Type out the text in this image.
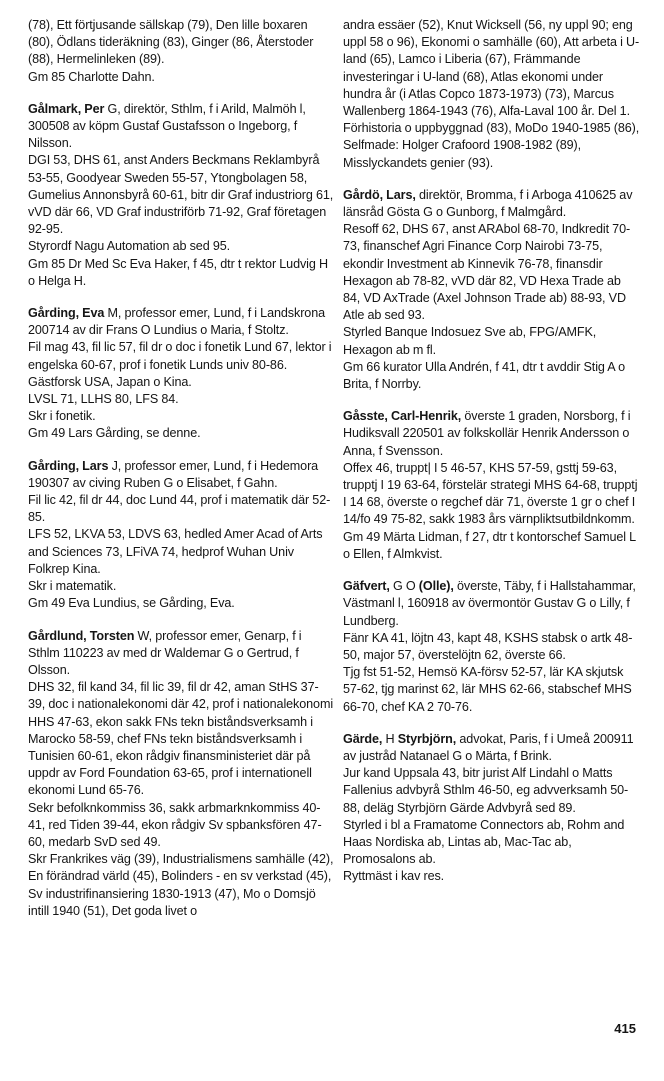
(78), Ett förtjusande sällskap (79), Den lille boxaren (80), Ödlans tideräkning (83), Ginger (86, Återstoder (88), Hermelinleken (89).

Gm 85 Charlotte Dahn.

Gålmark, Per G, direktör, Sthlm, f i Arild, Malmöh l, 300508 av köpm Gustaf Gustafsson o Ingeborg, f Nilsson.

DGI 53, DHS 61, anst Anders Beckmans Reklambyrå 53-55, Goodyear Sweden 55-57, Ytongbolagen 58, Gumelius Annonsbyrå 60-61, bitr dir Graf industriorg 61, vVD där 66, VD Graf industriförb 71-92, Graf företagen 92-95.

Styrordf Nagu Automation ab sed 95.

Gm 85 Dr Med Sc Eva Haker, f 45, dtr t rektor Ludvig H o Helga H.

Gårding, Eva M, professor emer, Lund, f i Landskrona 200714 av dir Frans O Lundius o Maria, f Stoltz.

Fil mag 43, fil lic 57, fil dr o doc i fonetik Lund 67, lektor i engelska 60-67, prof i fonetik Lunds univ 80-86.

Gästforsk USA, Japan o Kina.

LVSL 71, LLHS 80, LFS 84.

Skr i fonetik.

Gm 49 Lars Gårding, se denne.

Gårding, Lars J, professor emer, Lund, f i Hedemora 190307 av civing Ruben G o Elisabet, f Gahn.

Fil lic 42, fil dr 44, doc Lund 44, prof i matematik där 52-85.

LFS 52, LKVA 53, LDVS 63, hedled Amer Acad of Arts and Sciences 73, LFiVA 74, hedprof Wuhan Univ Folkrep Kina.

Skr i matematik.

Gm 49 Eva Lundius, se Gårding, Eva.

Gårdlund, Torsten W, professor emer, Genarp, f i Sthlm 110223 av med dr Waldemar G o Gertrud, f Olsson.

DHS 32, fil kand 34, fil lic 39, fil dr 42, aman StHS 37-39, doc i nationalekonomi där 42, prof i nationalekonomi HHS 47-63, ekon sakk FNs tekn biståndsverksamh i Marocko 58-59, chef FNs tekn biståndsverksamh i Tunisien 60-61, ekon rådgiv finansministeriet där på uppdr av Ford Foundation 63-65, prof i internationell ekonomi Lund 65-76.

Sekr befolknkommiss 36, sakk arbmarknkommiss 40-41, red Tiden 39-44, ekon rådgiv Sv spbanksfören 47-60, medarb SvD sed 49.

Skr Frankrikes väg (39), Industrialismens samhälle (42), En förändrad värld (45), Bolinders - en sv verkstad (45), Sv industrifinansiering 1830-1913 (47), Mo o Domsjö intill 1940 (51), Det goda livet o

andra essäer (52), Knut Wicksell (56, ny uppl 90; eng uppl 58 o 96), Ekonomi o samhälle (60), Att arbeta i U-land (65), Lamco i Liberia (67), Främmande investeringar i U-land (68), Atlas ekonomi under hundra år (i Atlas Copco 1873-1973) (73), Marcus Wallenberg 1864-1943 (76), Alfa-Laval 100 år. Del 1. Förhistoria o uppbyggnad (83), MoDo 1940-1985 (86), Selfmade: Holger Crafoord 1908-1982 (89), Misslyckandets genier (93).

Gårdö, Lars, direktör, Bromma, f i Arboga 410625 av länsråd Gösta G o Gunborg, f Malmgård.

Resoff 62, DHS 67, anst ARAbol 68-70, Indkredit 70-73, finanschef Agri Finance Corp Nairobi 73-75, ekondir Investment ab Kinnevik 76-78, finansdir Hexagon ab 78-82, vVD där 82, VD Hexa Trade ab 84, VD AxTrade (Axel Johnson Trade ab) 88-93, VD Atle ab sed 93.

Styrled Banque Indosuez Sve ab, FPG/AMFK, Hexagon ab m fl.

Gm 66 kurator Ulla Andrén, f 41, dtr t avddir Stig A o Brita, f Norrby.

Gåsste, Carl-Henrik, överste 1 graden, Norsborg, f i Hudiksvall 220501 av folkskollär Henrik Andersson o Anna, f Svensson.

Offex 46, truppt| I 5 46-57, KHS 57-59, gsttj 59-63, trupptj I 19 63-64, förstelär strategi MHS 64-68, trupptj I 14 68, överste o regchef där 71, överste 1 gr o chef I 14/fo 49 75-82, sakk 1983 års värnpliktsutbildnkomm.

Gm 49 Märta Lidman, f 27, dtr t kontorschef Samuel L o Ellen, f Almkvist.

Gäfvert, G O (Olle), överste, Täby, f i Hallstahammar, Västmanl l, 160918 av övermontör Gustav G o Lilly, f Lundberg.

Fänr KA 41, löjtn 43, kapt 48, KSHS stabsk o artk 48-50, major 57, överstelöjtn 62, överste 66.

Tjg fst 51-52, Hemsö KA-försv 52-57, lär KA skjutsk 57-62, tjg marinst 62, lär MHS 62-66, stabschef MHS 66-70, chef KA 2 70-76.

Gärde, H Styrbjörn, advokat, Paris, f i Umeå 200911 av justråd Natanael G o Märta, f Brink.

Jur kand Uppsala 43, bitr jurist Alf Lindahl o Matts Fallenius advbyrå Sthlm 46-50, eg advverksamh 50-88, deläg Styrbjörn Gärde Advbyrå sed 89.

Styrled i bl a Framatome Connectors ab, Rohm and Haas Nordiska ab, Lintas ab, Mac-Tac ab, Promosalons ab.

Ryttmäst i kav res.

415
